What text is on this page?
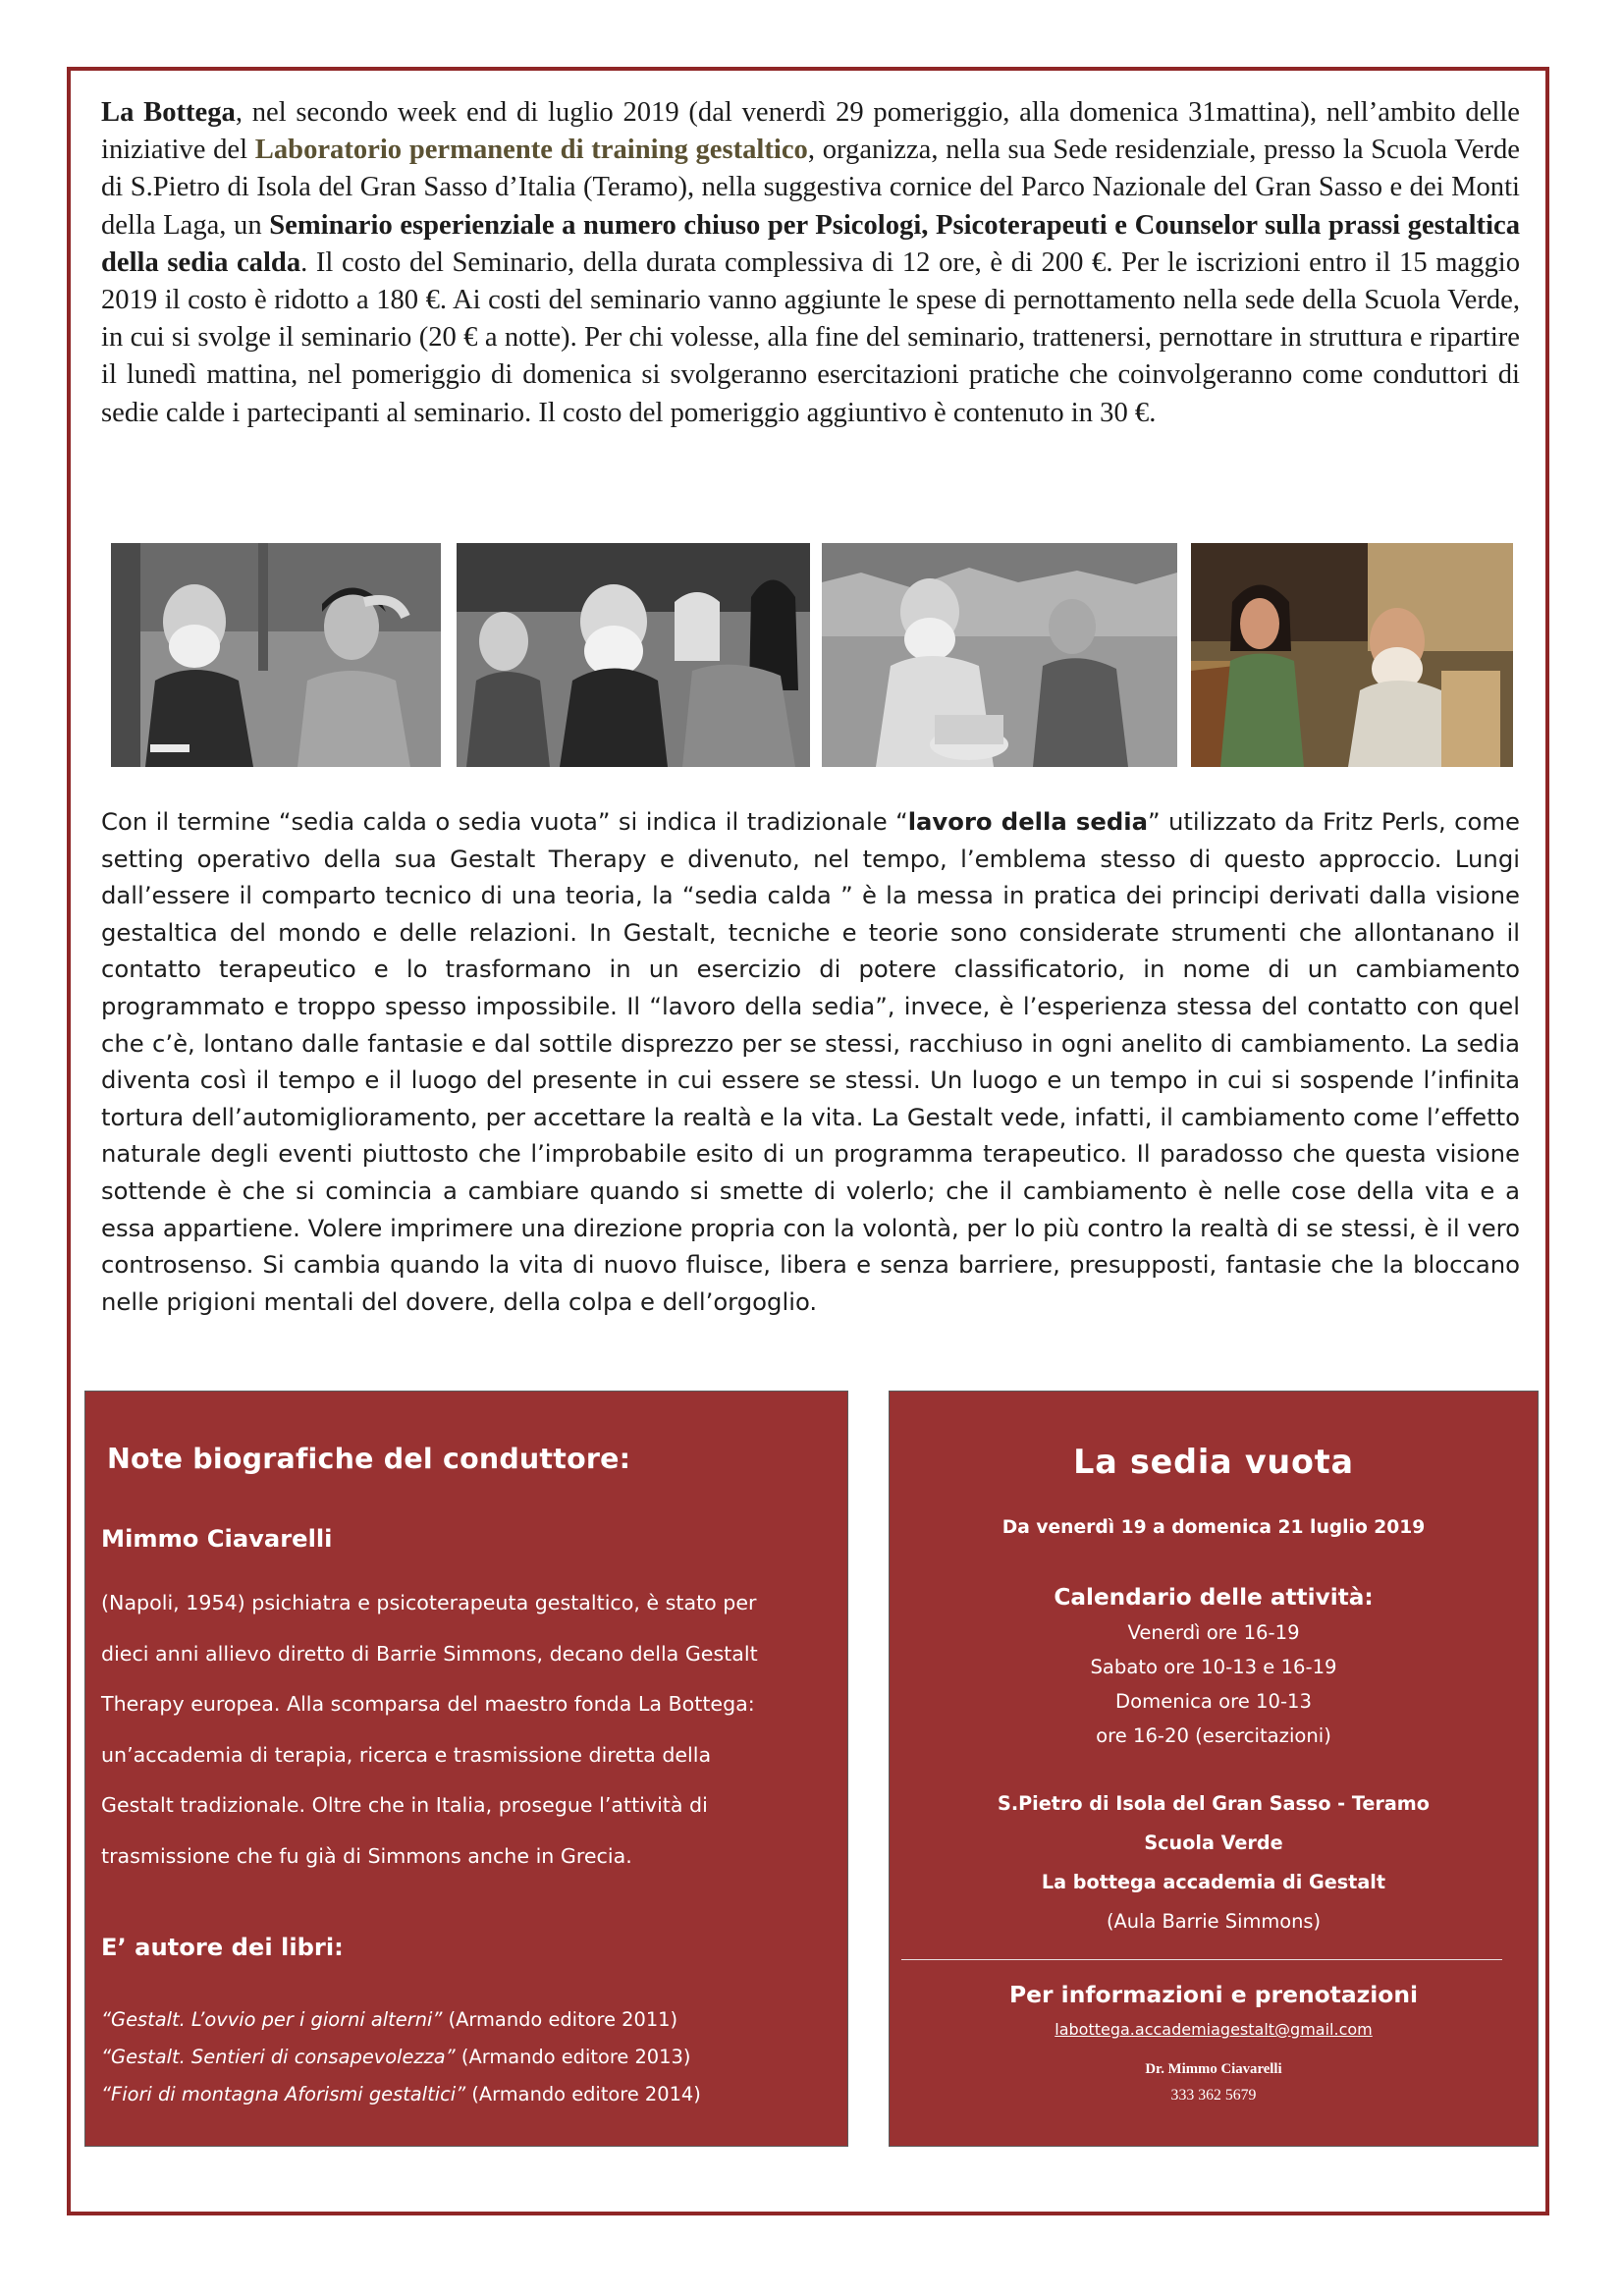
La Bottega, nel secondo week end di luglio 2019 (dal venerdì 29 pomeriggio, alla domenica 31mattina), nell’ambito delle iniziative del Laboratorio permanente di training gestaltico, organizza, nella sua Sede residenziale, presso la Scuola Verde di S.Pietro di Isola del Gran Sasso d’Italia (Teramo), nella suggestiva cornice del Parco Nazionale del Gran Sasso e dei Monti della Laga, un Seminario esperienziale a numero chiuso per Psicologi, Psicoterapeuti e Counselor sulla prassi gestaltica della sedia calda. Il costo del Seminario, della durata complessiva di 12 ore, è di 200 €. Per le iscrizioni entro il 15 maggio 2019 il costo è ridotto a 180 €. Ai costi del seminario vanno aggiunte le spese di pernottamento nella sede della Scuola Verde, in cui si svolge il seminario (20 € a notte). Per chi volesse, alla fine del seminario, trattenersi, pernottare in struttura e ripartire il lunedì mattina, nel pomeriggio di domenica si svolgeranno esercitazioni pratiche che coinvolgeranno come conduttori di sedie calde i partecipanti al seminario. Il costo del pomeriggio aggiuntivo è contenuto in 30 €.

Con il termine “sedia calda o sedia vuota” si indica il tradizionale “lavoro della sedia” utilizzato da Fritz Perls, come setting operativo della sua Gestalt Therapy e divenuto, nel tempo, l’emblema stesso di questo approccio. Lungi dall’essere il comparto tecnico di una teoria, la “sedia calda ” è la messa in pratica dei principi derivati dalla visione gestaltica del mondo e delle relazioni. In Gestalt, tecniche e teorie sono considerate strumenti che allontanano il contatto terapeutico e lo trasformano in un esercizio di potere classificatorio, in nome di un cambiamento programmato e troppo spesso impossibile. Il “lavoro della sedia”, invece, è l’esperienza stessa del contatto con quel che c’è, lontano dalle fantasie e dal sottile disprezzo per se stessi, racchiuso in ogni anelito di cambiamento. La sedia diventa così il tempo e il luogo del presente in cui essere se stessi. Un luogo e un tempo in cui si sospende l’infinita tortura dell’automiglioramento, per accettare la realtà e la vita. La Gestalt vede, infatti, il cambiamento come l’effetto naturale degli eventi piuttosto che l’improbabile esito di un programma terapeutico. Il paradosso che questa visione sottende è che si comincia a cambiare quando si smette di volerlo; che il cambiamento è nelle cose della vita e a essa appartiene. Volere imprimere una direzione propria con la volontà, per lo più contro la realtà di se stessi, è il vero controsenso. Si cambia quando la vita di nuovo fluisce, libera e senza barriere, presupposti, fantasie che la bloccano nelle prigioni mentali del dovere, della colpa e dell’orgoglio.

Note biografiche del conduttore:

Mimmo Ciavarelli

(Napoli, 1954) psichiatra e psicoterapeuta gestaltico, è stato per
dieci anni allievo diretto di Barrie Simmons, decano della Gestalt
Therapy europea. Alla scomparsa del maestro fonda La Bottega:
un’accademia di terapia, ricerca e trasmissione diretta della
Gestalt tradizionale. Oltre che in Italia, prosegue l’attività di
trasmissione che fu già di Simmons anche in Grecia.

E’ autore dei libri:

“Gestalt. L’ovvio per i giorni alterni” (Armando editore 2011)

“Gestalt. Sentieri di consapevolezza” (Armando editore 2013)

“Fiori di montagna Aforismi gestaltici” (Armando editore 2014)

La sedia vuota

Da venerdì 19 a domenica 21 luglio 2019

Calendario delle attività:

Venerdì ore 16-19

Sabato ore 10-13 e 16-19

Domenica ore 10-13

ore 16-20 (esercitazioni)

S.Pietro di Isola del Gran Sasso - Teramo

Scuola Verde

La bottega accademia di Gestalt

(Aula Barrie Simmons)

Per informazioni e prenotazioni

labottega.accademiagestalt@gmail.com

Dr. Mimmo Ciavarelli

333 362 5679
